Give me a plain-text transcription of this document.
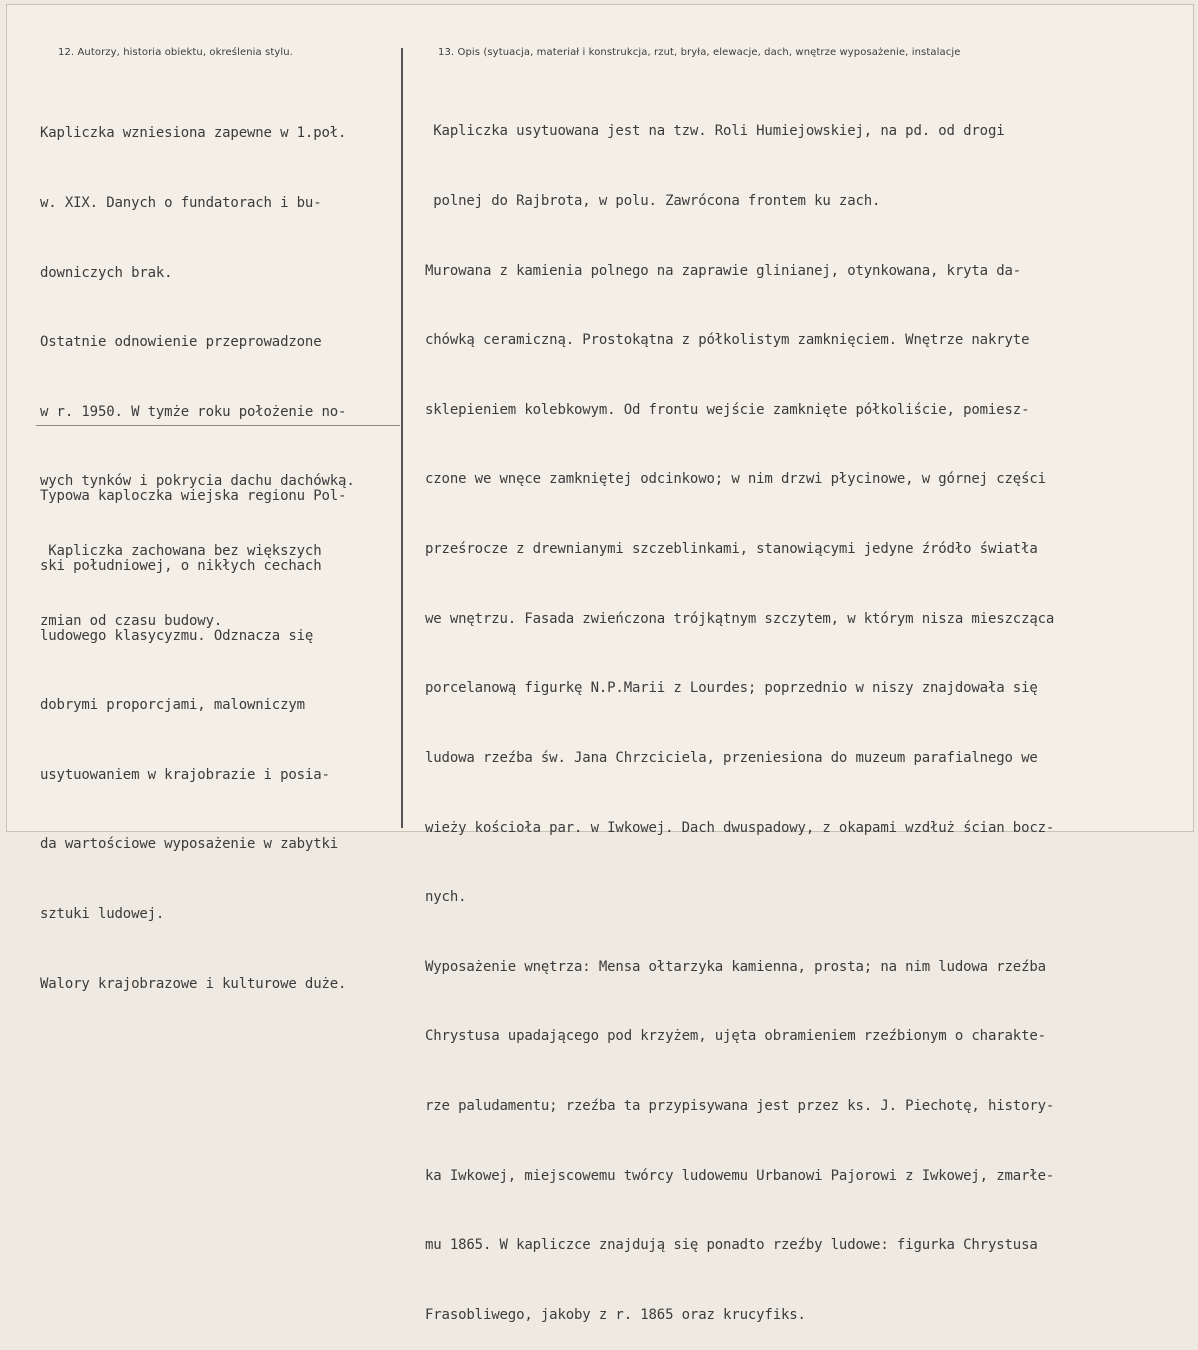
12. Autorzy, historia obiektu, określenia stylu.	13. Opis (sytuacja, materiał i konstrukcja, rzut, bryła, elewacje, dach, wnętrze wyposażenie, instalacje

Kapliczka wzniesiona zapewne w 1.poł.

w. XIX. Danych o fundatorach i bu-

downiczych brak.

Ostatnie odnowienie przeprowadzone

w r. 1950. W tymże roku położenie no-

wych tynków i pokrycia dachu dachówką.

Kapliczka zachowana bez większych

zmian od czasu budowy.

Typowa kaploczka wiejska regionu Pol-

ski południowej, o nikłych cechach

ludowego klasycyzmu. Odznacza się

dobrymi proporcjami, malowniczym

usytuowaniem w krajobrazie i posia-

da wartościowe wyposażenie w zabytki

sztuki ludowej.

Walory krajobrazowe i kulturowe duże.

Kapliczka usytuowana jest na tzw. Roli Humiejowskiej, na pd. od drogi

polnej do Rajbrota, w polu. Zawrócona frontem ku zach.

Murowana z kamienia polnego na zaprawie glinianej, otynkowana, kryta da-

chówką ceramiczną. Prostokątna z półkolistym zamknięciem. Wnętrze nakryte

sklepieniem kolebkowym. Od frontu wejście zamknięte półkoliście, pomiesz-

czone we wnęce zamkniętej odcinkowo; w nim drzwi płycinowe, w górnej części

prześrocze z drewnianymi szczeblinkami, stanowiącymi jedyne źródło światła

we wnętrzu. Fasada zwieńczona trójkątnym szczytem, w którym nisza mieszcząca

porcelanową figurkę N.P.Marii z Lourdes; poprzednio w niszy znajdowała się

ludowa rzeźba św. Jana Chrzciciela, przeniesiona do muzeum parafialnego we

wieży kościoła par. w Iwkowej. Dach dwuspadowy, z okapami wzdłuż ścian bocz-

nych.

Wyposażenie wnętrza: Mensa ołtarzyka kamienna, prosta; na nim ludowa rzeźba

Chrystusa upadającego pod krzyżem, ujęta obramieniem rzeźbionym o charakte-

rze paludamentu; rzeźba ta przypisywana jest przez ks. J. Piechotę, history-

ka Iwkowej, miejscowemu twórcy ludowemu Urbanowi Pajorowi z Iwkowej, zmarłe-

mu 1865. W kapliczce znajdują się ponadto rzeźby ludowe: figurka Chrystusa

Frasobliwego, jakoby z r. 1865 oraz krucyfiks.
